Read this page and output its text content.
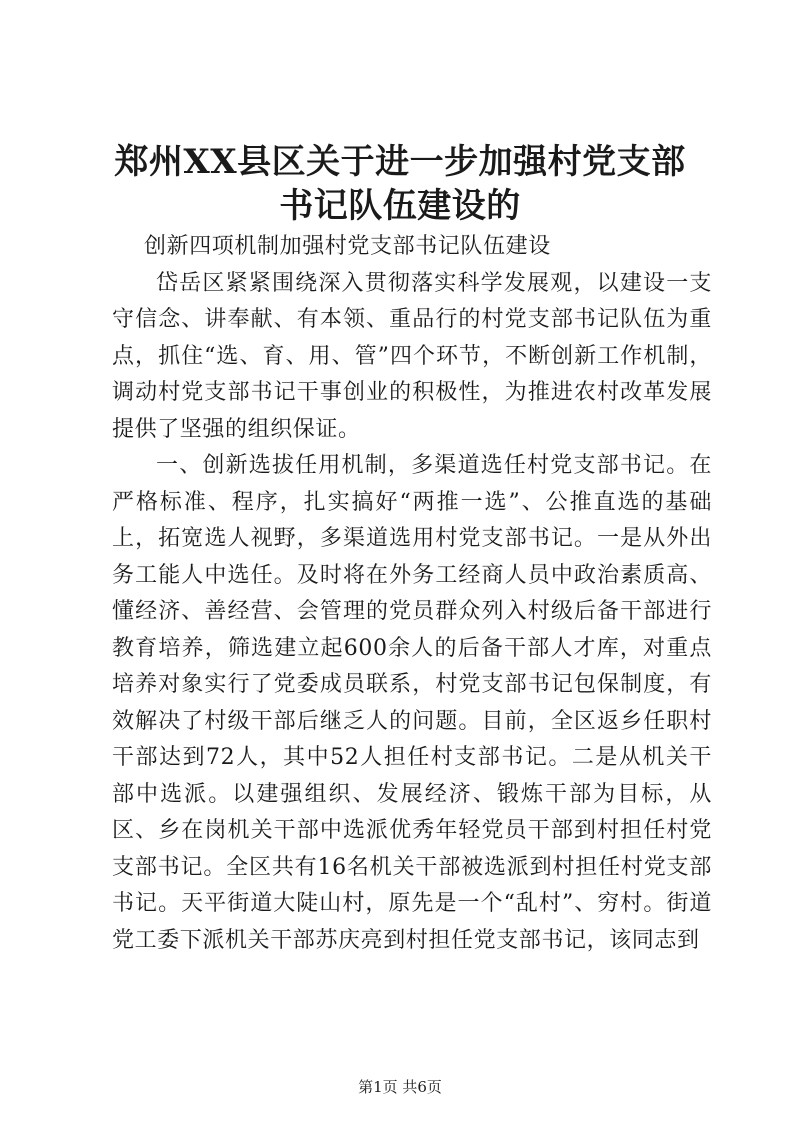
郑州XX县区关于进一步加强村党支部书记队伍建设的

创新四项机制加强村党支部书记队伍建设

岱岳区紧紧围绕深入贯彻落实科学发展观，以建设一支守信念、讲奉献、有本领、重品行的村党支部书记队伍为重点，抓住“选、育、用、管”四个环节，不断创新工作机制，调动村党支部书记干事创业的积极性，为推进农村改革发展提供了坚强的组织保证。

一、创新选拔任用机制，多渠道选任村党支部书记。在严格标准、程序，扎实搞好“两推一选”、公推直选的基础上，拓宽选人视野，多渠道选用村党支部书记。一是从外出务工能人中选任。及时将在外务工经商人员中政治素质高、懂经济、善经营、会管理的党员群众列入村级后备干部进行教育培养，筛选建立起600余人的后备干部人才库，对重点培养对象实行了党委成员联系，村党支部书记包保制度，有效解决了村级干部后继乏人的问题。目前，全区返乡任职村干部达到72人，其中52人担任村支部书记。二是从机关干部中选派。以建强组织、发展经济、锻炼干部为目标，从区、乡在岗机关干部中选派优秀年轻党员干部到村担任村党支部书记。全区共有16名机关干部被选派到村担任村党支部书记。天平街道大陡山村，原先是一个“乱村”、穷村。街道党工委下派机关干部苏庆亮到村担任党支部书记，该同志到

第1页 共6页
